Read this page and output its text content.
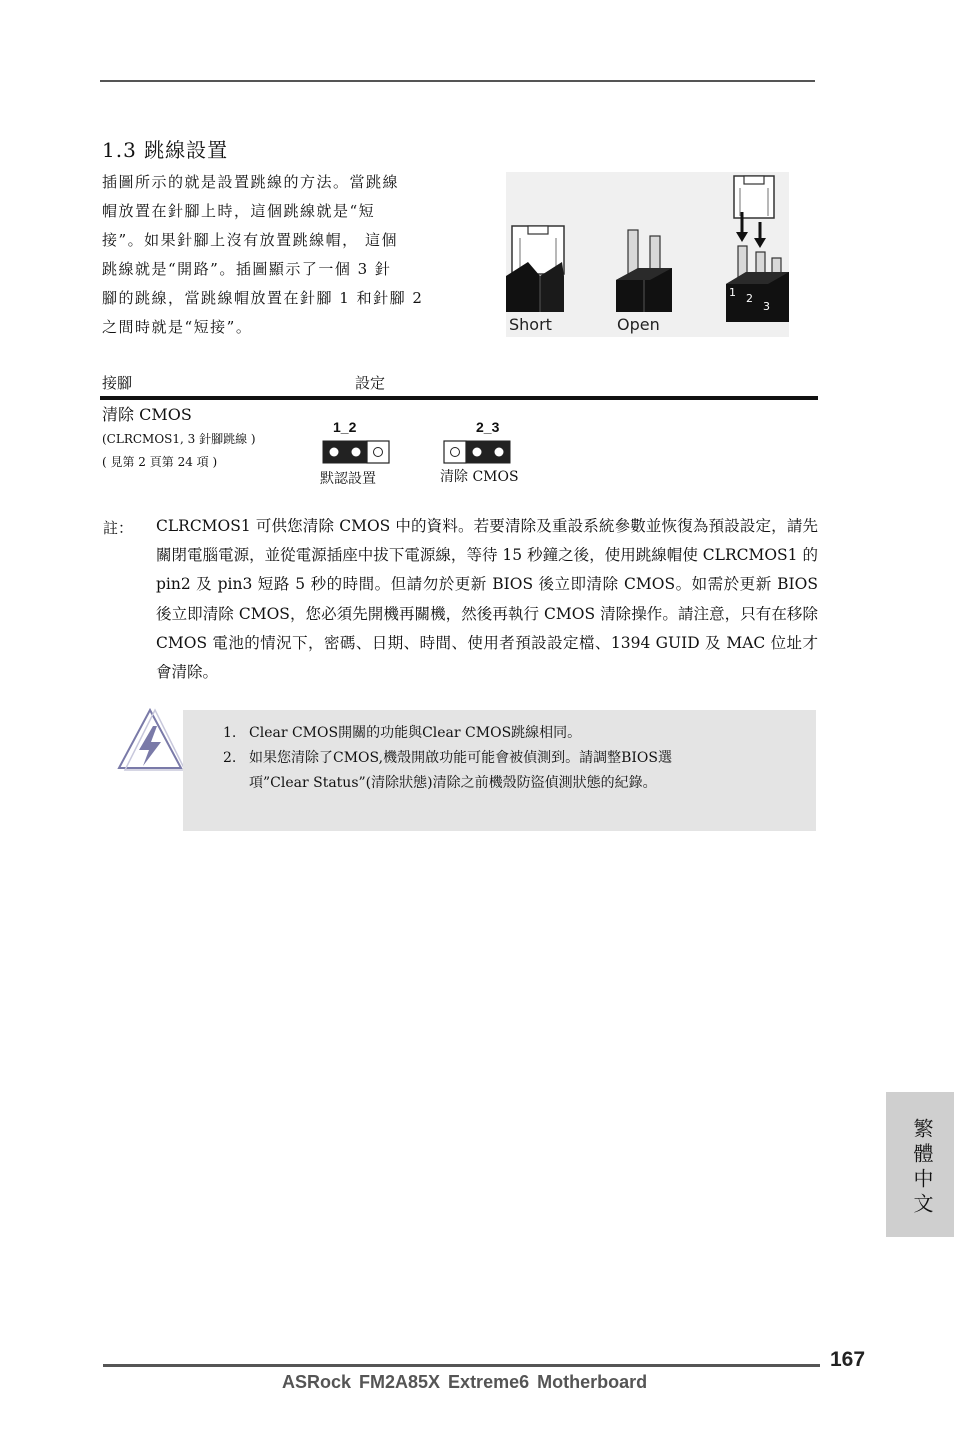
1.3 跳線設置

插圖所示的就是設置跳線的方法。當跳線

帽放置在針腳上時，這個跳線就是“短

接”。如果針腳上沒有放置跳線帽， 這個

跳線就是“開路”。插圖顯示了一個 3 針

腳的跳線，當跳線帽放置在針腳 1 和針腳 2

之間時就是“短接”。

1 2
3
Short	Open
接腳	設定
清除 CMOS
(CLRCMOS1, 3 針腳跳線 )
( 見第 2 頁第 24 項 )
1_2
默認設置
2_3
清除 CMOS
註： CLRCMOS1 可供您清除 CMOS 中的資料。若要清除及重設系統參數並恢復為預設設定，請先關閉電腦電源，並從電源插座中拔下電源線，等待 15 秒鐘之後，使用跳線帽使 CLRCMOS1 的 pin2 及 pin3 短路 5 秒的時間。但請勿於更新 BIOS 後立即清除 CMOS。如需於更新 BIOS 後立即清除 CMOS，您必須先開機再關機，然後再執行 CMOS 清除操作。請注意，只有在移除 CMOS 電池的情況下，密碼、日期、時間、使用者預設設定檔、1394 GUID 及 MAC 位址才會清除。

1. Clear CMOS開關的功能與Clear CMOS跳線相同。
2. 如果您清除了CMOS,機殼開啟功能可能會被偵測到。請調整BIOS選項”Clear Status”(清除狀態)清除之前機殼防盜偵測狀態的紀錄。
繁體中文
167
ASRock FM2A85X Extreme6 Motherboard
